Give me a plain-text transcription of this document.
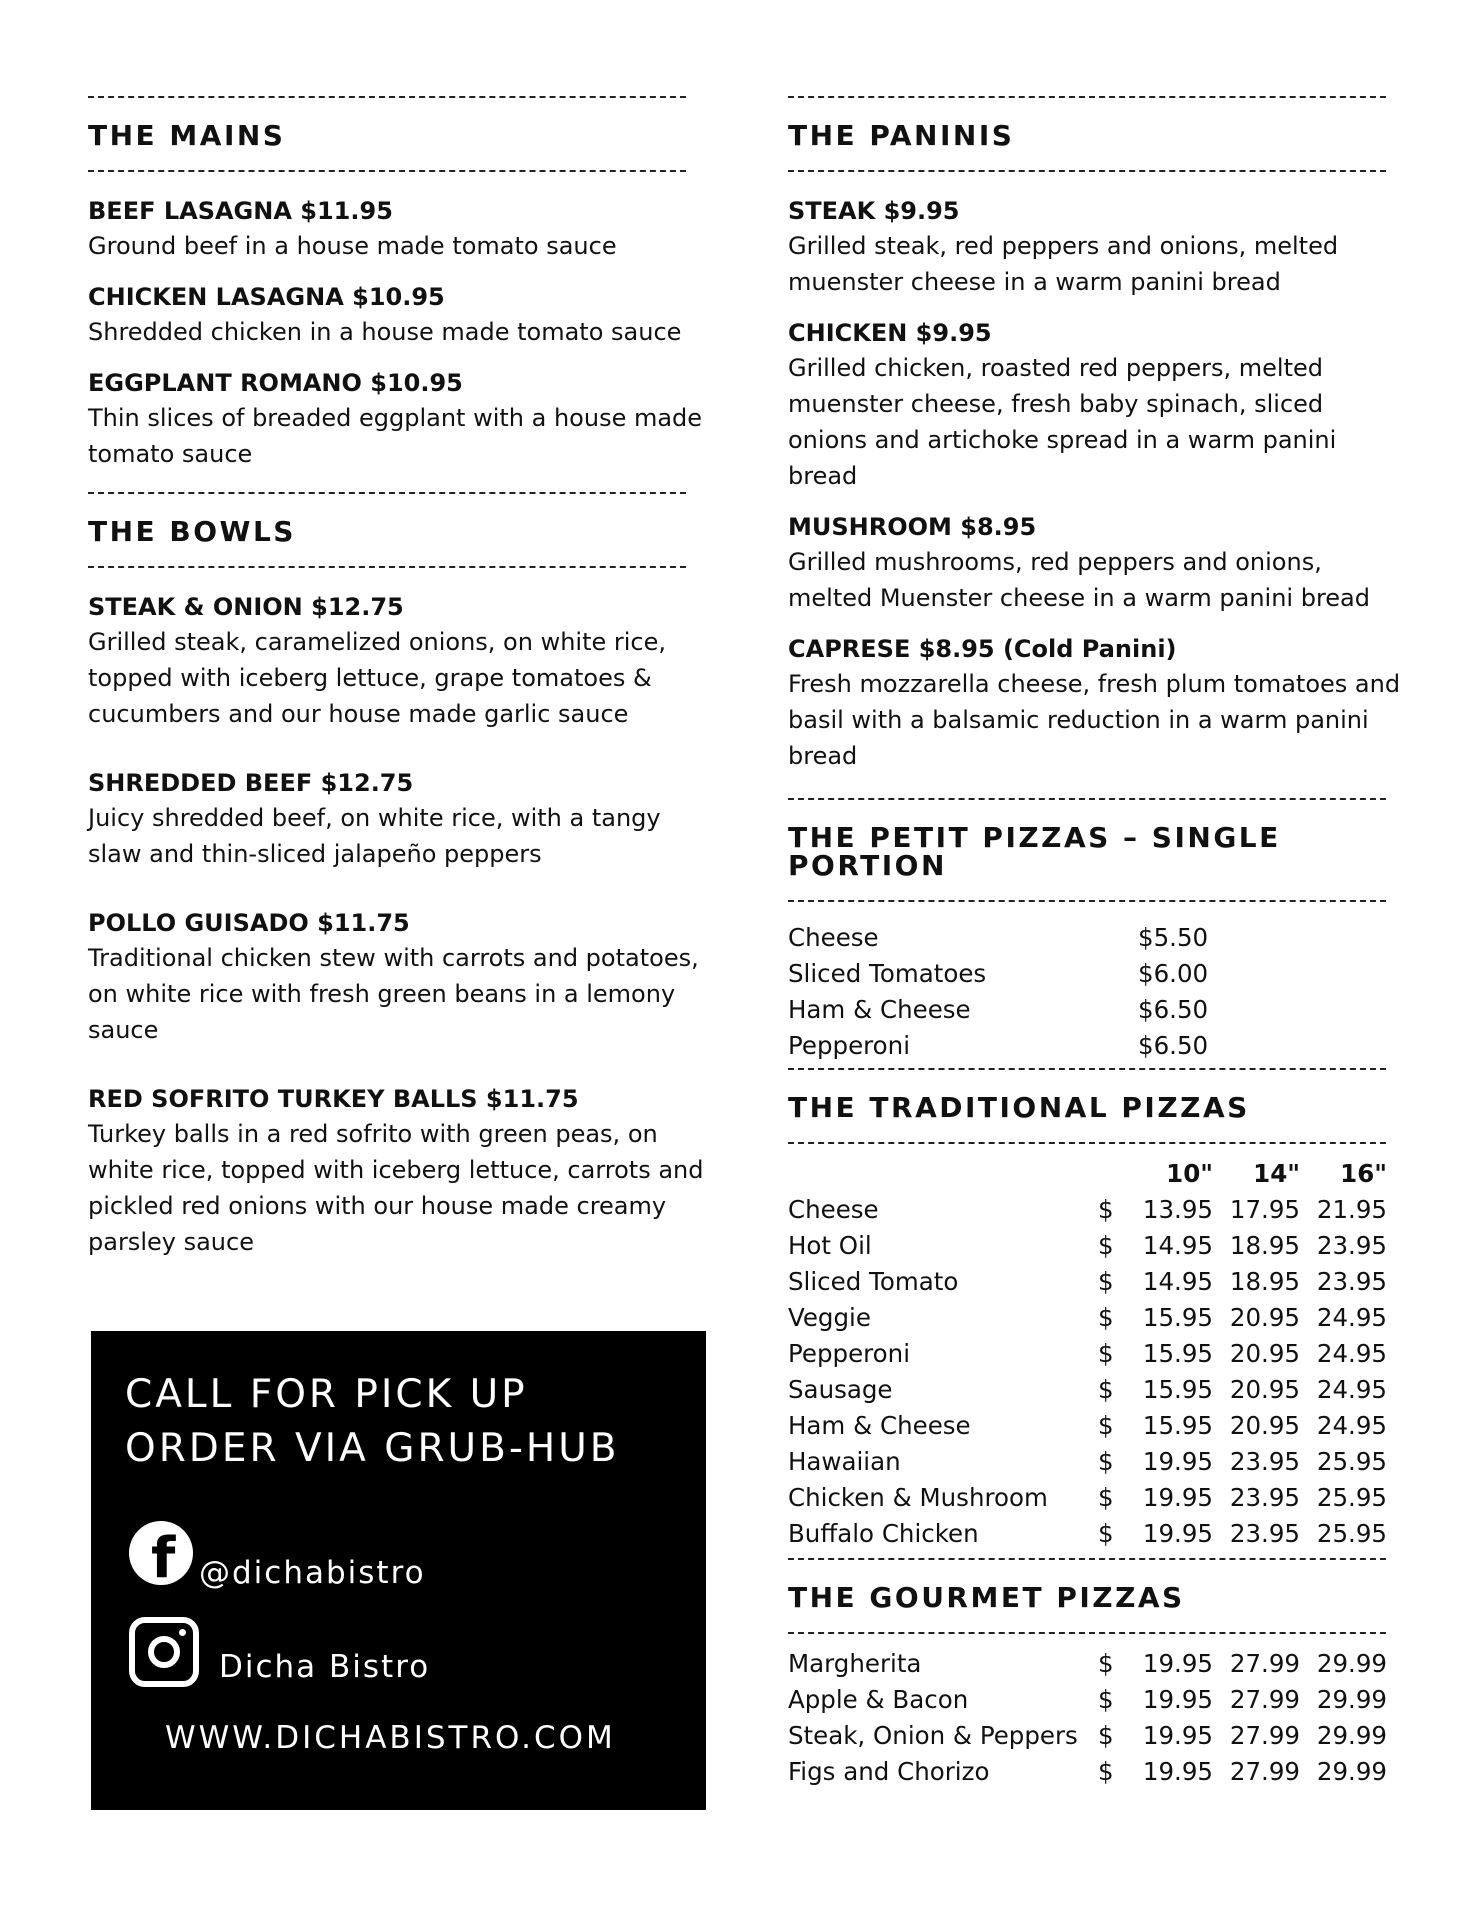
THE MAINS
BEEF LASAGNA $11.95
Ground beef in a house made tomato sauce
CHICKEN LASAGNA $10.95
Shredded chicken in a house made tomato sauce
EGGPLANT ROMANO $10.95
Thin slices of breaded eggplant with a house made tomato sauce
THE BOWLS
STEAK & ONION $12.75
Grilled steak, caramelized onions, on white rice, topped with iceberg lettuce, grape tomatoes & cucumbers and our house made garlic sauce
SHREDDED BEEF $12.75
Juicy shredded beef, on white rice, with a tangy slaw and thin-sliced jalapeño peppers
POLLO GUISADO $11.75
Traditional chicken stew with carrots and potatoes, on white rice with fresh green beans in a lemony sauce
RED SOFRITO TURKEY BALLS $11.75
Turkey balls in a red sofrito with green peas, on white rice, topped with iceberg lettuce, carrots and pickled red onions with our house made creamy parsley sauce
CALL FOR PICK UP
ORDER VIA GRUB-HUB
f @dichabistro
Dicha Bistro
WWW.DICHABISTRO.COM
THE PANINIS
STEAK $9.95
Grilled steak, red peppers and onions, melted muenster cheese in a warm panini bread
CHICKEN $9.95
Grilled chicken, roasted red peppers, melted muenster cheese, fresh baby spinach, sliced onions and artichoke spread in a warm panini bread
MUSHROOM $8.95
Grilled mushrooms, red peppers and onions, melted Muenster cheese in a warm panini bread
CAPRESE $8.95 (Cold Panini)
Fresh mozzarella cheese, fresh plum tomatoes and basil with a balsamic reduction in a warm panini bread
THE PETIT PIZZAS – SINGLE PORTION
Cheese	$5.50
Sliced Tomatoes	$6.00
Ham & Cheese	$6.50
Pepperoni	$6.50
THE TRADITIONAL PIZZAS
		10"	14"	16"
Cheese	$	13.95	17.95	21.95
Hot Oil	$	14.95	18.95	23.95
Sliced Tomato	$	14.95	18.95	23.95
Veggie	$	15.95	20.95	24.95
Pepperoni	$	15.95	20.95	24.95
Sausage	$	15.95	20.95	24.95
Ham & Cheese	$	15.95	20.95	24.95
Hawaiian	$	19.95	23.95	25.95
Chicken & Mushroom	$	19.95	23.95	25.95
Buffalo Chicken	$	19.95	23.95	25.95
THE GOURMET PIZZAS
Margherita	$	19.95	27.99	29.99
Apple & Bacon	$	19.95	27.99	29.99
Steak, Onion & Peppers	$	19.95	27.99	29.99
Figs and Chorizo	$	19.95	27.99	29.99
